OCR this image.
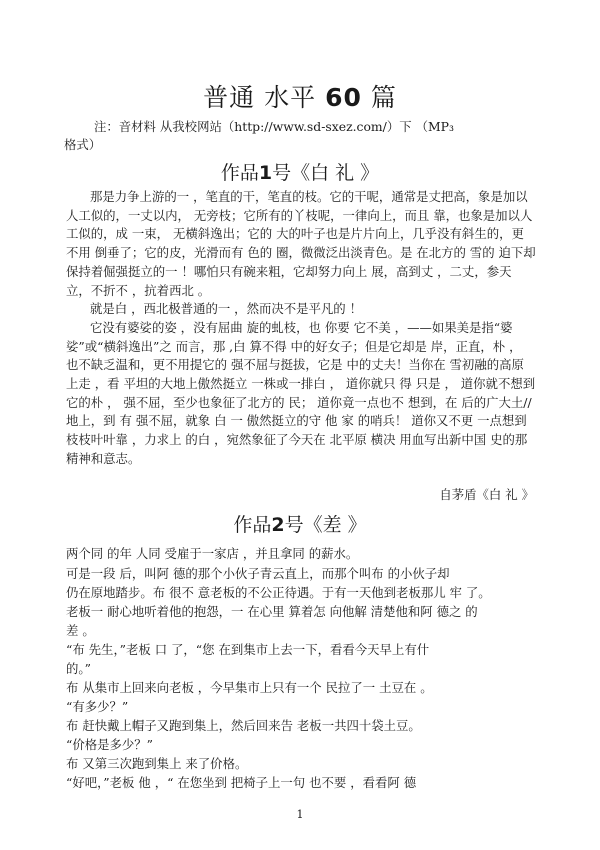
普通 水平 60 篇
注：音材料 从我校网站（http://www.sd-sxez.com/）下 （MP₃
格式）
作品1号《白 礼 》

那是力争上游的一 ，笔直的干，笔直的枝。它的干呢，通常是丈把高，象是加以人工似的，一丈以内， 无旁枝；它所有的丫枝呢，一律向上，而且 靠，也象是加以人工似的，成 一束， 无横斜逸出；它的 大的叶子也是片片向上，几乎没有斜生的，更不用 倒垂了；它的皮，光滑而有 色的 圈，微微泛出淡青色。是 在北方的 雪的 迫下却保持着倔强挺立的一 ！哪怕只有碗来粗，它却努力向上 展，高到丈 ，二丈，参天 立，不折不 ，抗着西北 。

就是白 ，西北极普通的一 ，然而决不是平凡的 ！

它没有婆娑的姿 ，没有屈曲 旋的虬枝，也 你要 它不美 ，——如果美是指“婆娑”或“横斜逸出”之 而言，那 ,白 算不得 中的好女子；但是它却是 岸，正直，朴 ， 也不缺乏温和，更不用提它的 强不屈与挺拔，它是 中的丈夫！当你在 雪初融的高原上走 ，看 平坦的大地上傲然挺立 一株或一排白 ， 道你就只 得 只是 ， 道你就不想到它的朴 ， 强不屈，至少也象征了北方的 民； 道你竟一点也不 想到，在 后的广大土//地上，到 有 强不屈，就象 白 一 傲然挺立的守 他 家 的哨兵！ 道你又不更 一点想到 枝枝叶叶靠 ，力求上 的白 ，宛然象征了今天在 北平原 横决 用血写出新中国 史的那 精神和意志。

自茅盾《白 礼 》
作品2号《差 》
两个同 的年 人同 受雇于一家店 ，并且拿同 的薪水。
可是一段 后，叫阿 德的那个小伙子青云直上，而那个叫布 的小伙子却
仍在原地踏步。布 很不 意老板的不公正待遇。于有一天他到老板那儿 牢 了。
老板一 耐心地听着他的抱怨，一 在心里 算着怎 向他解 清楚他和阿 德之 的
差 。
“布 先生，”老板 口 了，“您 在到集市上去一下，看看今天早上有什
的。”
布 从集市上回来向老板 ，今早集市上只有一个 民拉了一 土豆在 。
“有多少？”
布 赶快戴上帽子又跑到集上，然后回来告 老板一共四十袋土豆。
“价格是多少？”
布 又第三次跑到集上 来了价格。
“好吧，”老板 他 ，“ 在您坐到 把椅子上一句 也不要 ，看看阿 德
1
